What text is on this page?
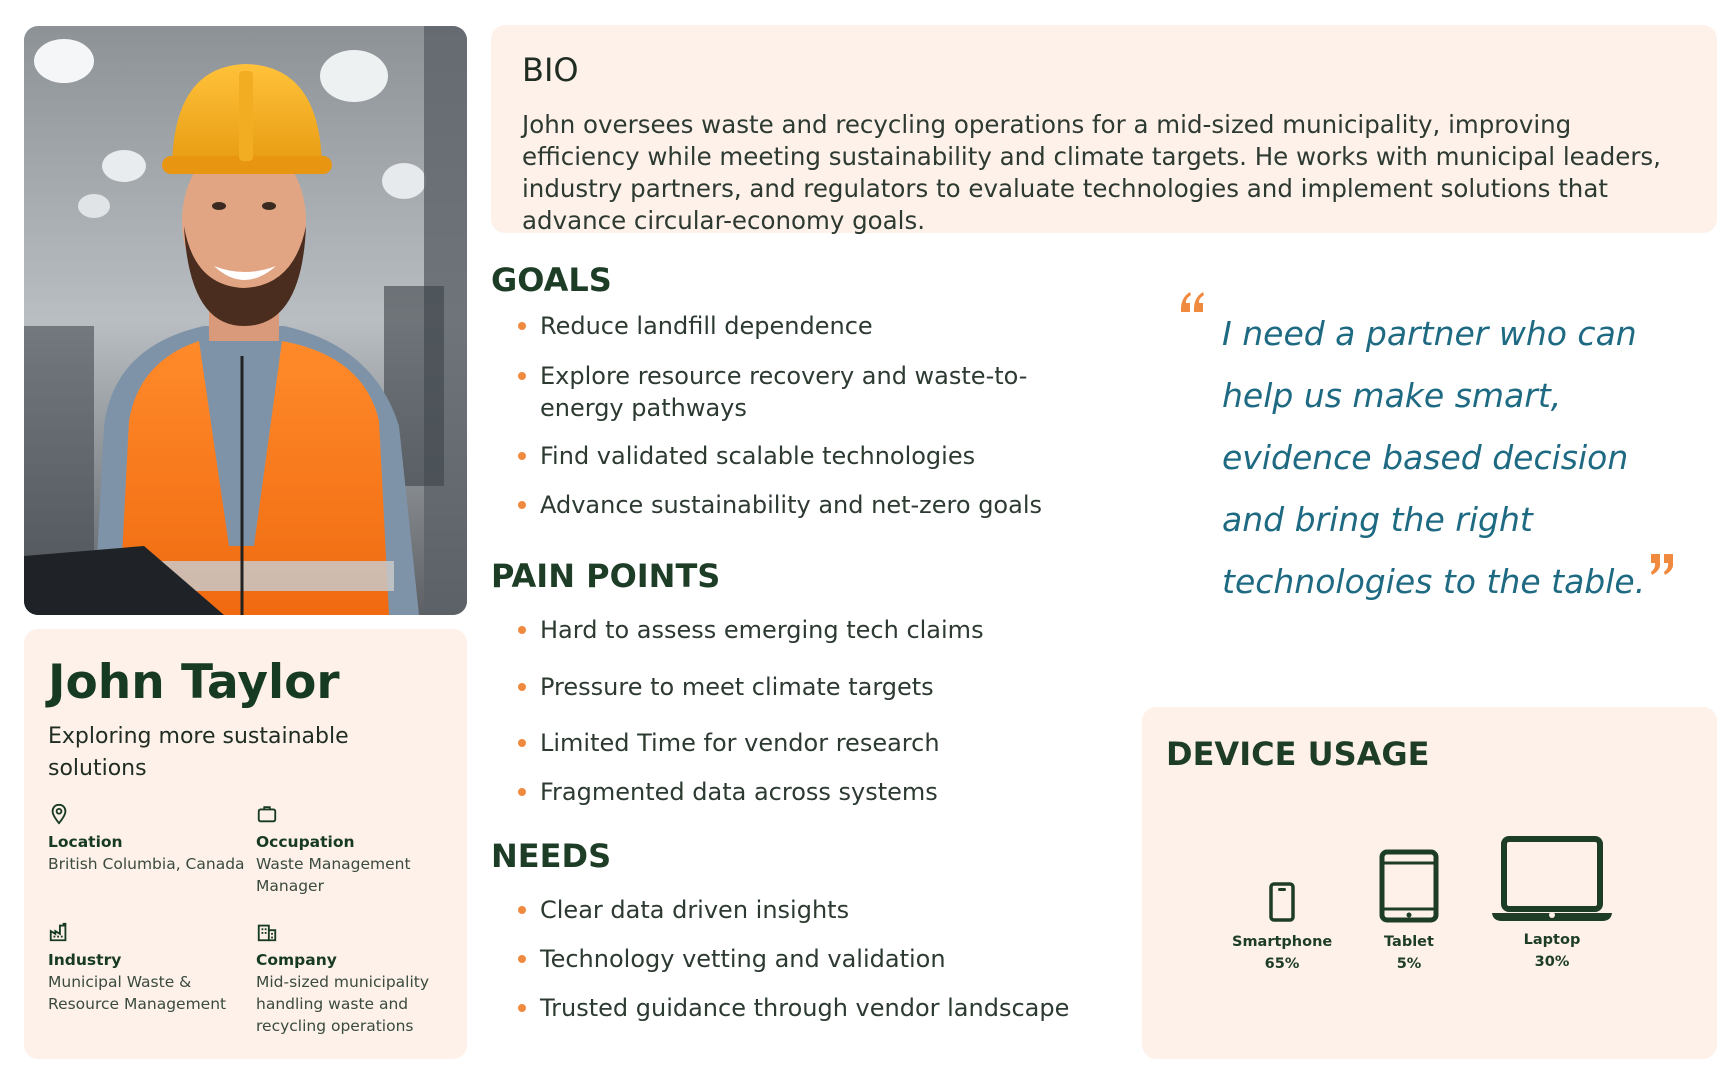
John Taylor
Exploring more sustainable solutions
Location
British Columbia, Canada
Occupation
Waste Management Manager
Industry
Municipal Waste & Resource Management
Company
Mid-sized municipality handling waste and recycling operations
BIO
John oversees waste and recycling operations for a mid-sized municipality, improving efficiency while meeting sustainability and climate targets. He works with municipal leaders, industry partners, and regulators to evaluate technologies and implement solutions that advance circular-economy goals.
GOALS
Reduce landfill dependence
Explore resource recovery and waste-to-energy pathways
Find validated scalable technologies
Advance sustainability and net-zero goals
PAIN POINTS
Hard to assess emerging tech claims
Pressure to meet climate targets
Limited Time for vendor research
Fragmented data across systems
NEEDS
Clear data driven insights
Technology vetting and validation
Trusted guidance through vendor landscape
I need a partner who can help us make smart, evidence based decision and bring the right technologies to the table.
DEVICE USAGE
Smartphone
65%
Tablet
5%
Laptop
30%
